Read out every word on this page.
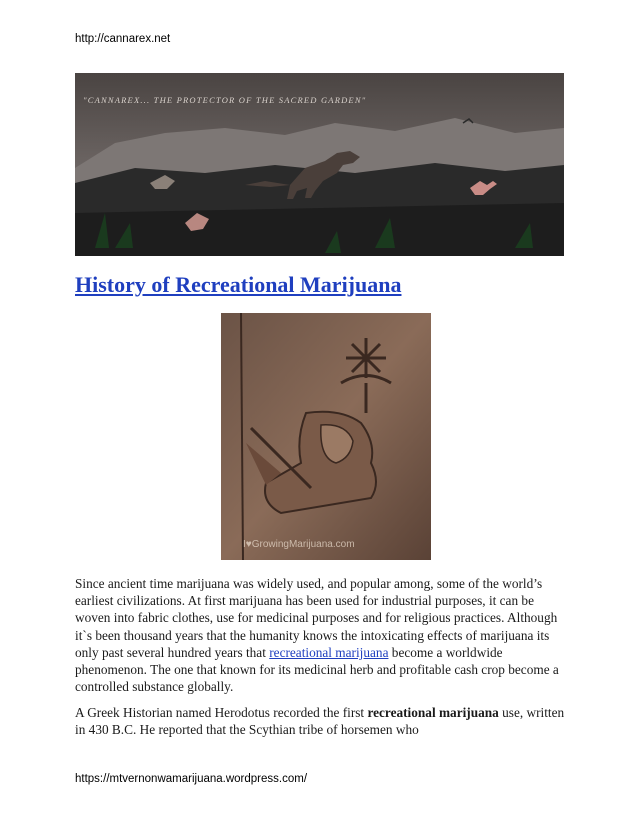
http://cannarex.net
"CANNAREX... THE PROTECTOR OF THE SACRED GARDEN"
History of Recreational Marijuana
I♥GrowingMarijuana.com

Since ancient time marijuana was widely used, and popular among, some of the world’s earliest civilizations. At first marijuana has been used for industrial purposes, it can be woven into fabric clothes, use for medicinal purposes and for religious practices. Although it`s been thousand years that the humanity knows the intoxicating effects of marijuana its only past several hundred years that recreational marijuana become a worldwide phenomenon. The one that known for its medicinal herb and profitable cash crop become a controlled substance globally.

A Greek Historian named Herodotus recorded the first recreational marijuana use, written in 430 B.C. He reported that the Scythian tribe of horsemen who

https://mtvernonwamarijuana.wordpress.com/
